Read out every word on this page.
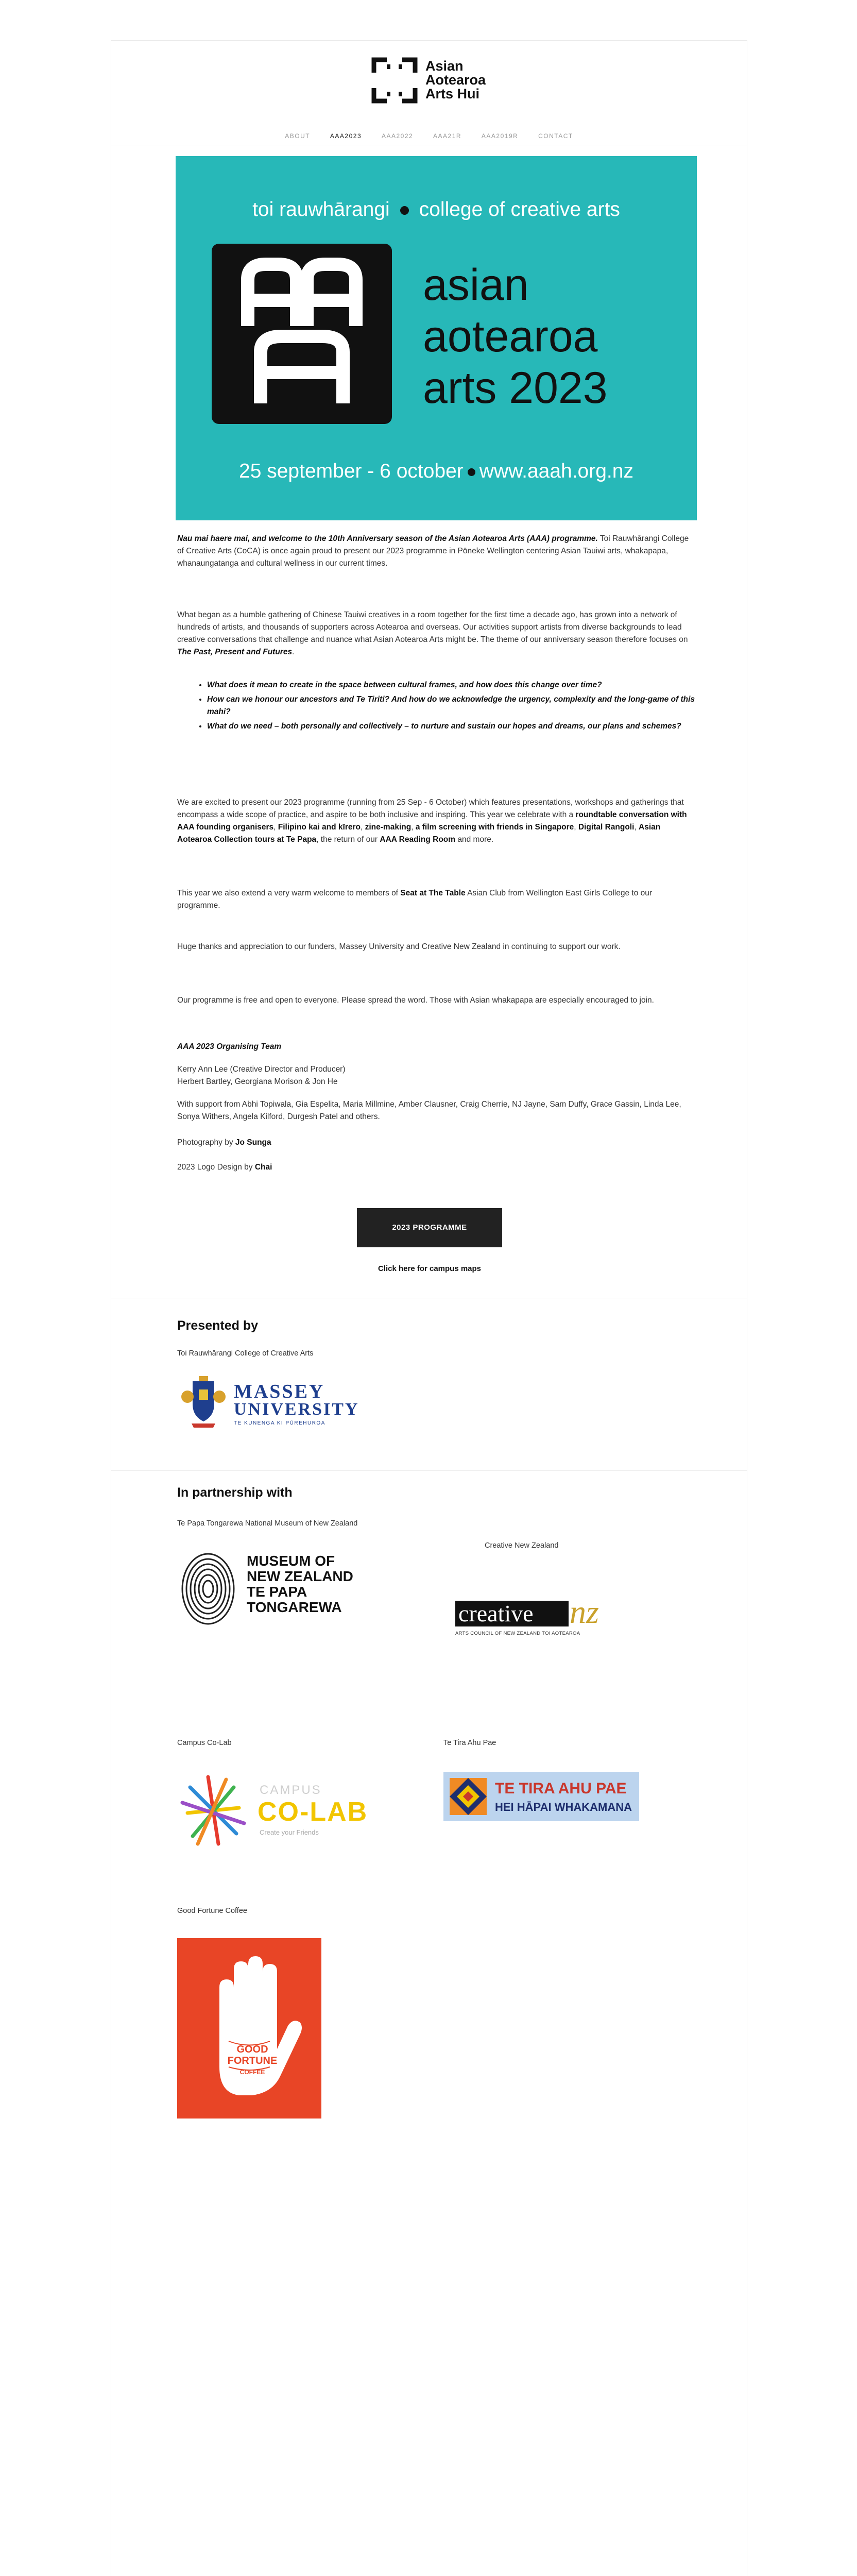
Asian
Aotearoa
Arts Hui
ABOUT	AAA2023	AAA2022	AAA21R	AAA2019R	CONTACT
toi rauwhārangi college of creative arts
asian
aotearoa
arts 2023
25 september - 6 october www.aaah.org.nz
Nau mai haere mai, and welcome to the 10th Anniversary season of the Asian Aotearoa Arts (AAA) programme. Toi Rauwhārangi College of Creative Arts (CoCA) is once again proud to present our 2023 programme in Pōneke Wellington centering Asian Tauiwi arts, whakapapa, whanaungatanga and cultural wellness in our current times.
What began as a humble gathering of Chinese Tauiwi creatives in a room together for the first time a decade ago, has grown into a network of hundreds of artists, and thousands of supporters across Aotearoa and overseas. Our activities support artists from diverse backgrounds to lead creative conversations that challenge and nuance what Asian Aotearoa Arts might be. The theme of our anniversary season therefore focuses on The Past, Present and Futures.
• What does it mean to create in the space between cultural frames, and how does this change over time?
• How can we honour our ancestors and Te Tiriti? And how do we acknowledge the urgency, complexity and the long-game of this mahi?
• What do we need – both personally and collectively – to nurture and sustain our hopes and dreams, our plans and schemes?
We are excited to present our 2023 programme (running from 25 Sep - 6 October) which features presentations, workshops and gatherings that encompass a wide scope of practice, and aspire to be both inclusive and inspiring. This year we celebrate with a roundtable conversation with AAA founding organisers, Filipino kai and kīrero, zine-making, a film screening with friends in Singapore, Digital Rangoli, Asian Aotearoa Collection tours at Te Papa, the return of our AAA Reading Room and more.
This year we also extend a very warm welcome to members of Seat at The Table Asian Club from Wellington East Girls College to our programme.
Huge thanks and appreciation to our funders, Massey University and Creative New Zealand in continuing to support our work.
Our programme is free and open to everyone. Please spread the word. Those with Asian whakapapa are especially encouraged to join.
AAA 2023 Organising Team
Kerry Ann Lee (Creative Director and Producer)
Herbert Bartley, Georgiana Morison & Jon He
With support from Abhi Topiwala, Gia Espelita, Maria Millmine, Amber Clausner, Craig Cherrie, NJ Jayne, Sam Duffy, Grace Gassin, Linda Lee, Sonya Withers, Angela Kilford, Durgesh Patel and others.
Photography by Jo Sunga
2023 Logo Design by Chai
2023 PROGRAMME
Click here for campus maps
Presented by
Toi Rauwhārangi College of Creative Arts
MASSEY
UNIVERSITY
TE KUNENGA KI PŪREHUROA
In partnership with
Te Papa Tongarewa National Museum of New Zealand
MUSEUM OF
NEW ZEALAND
TE PAPA
TONGAREWA
Creative New Zealand
creative	nz
ARTS COUNCIL OF NEW ZEALAND TOI AOTEAROA
Campus Co-Lab
CAMPUS
CO-LAB
Create your Friends
Te Tira Ahu Pae
TE TIRA AHU PAE
HEI HĀPAI WHAKAMANA
Good Fortune Coffee
GOOD
FORTUNE
COFFEE
